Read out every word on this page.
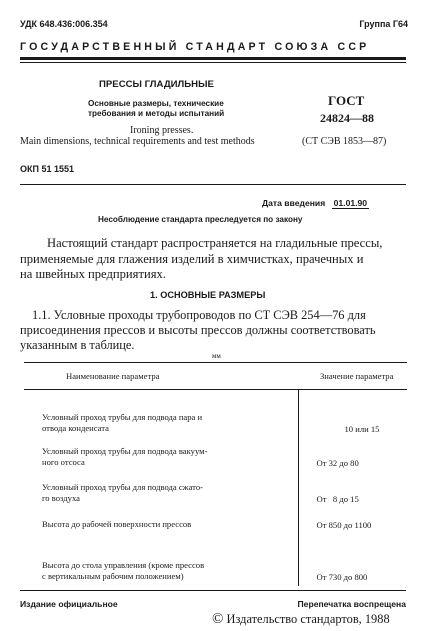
УДК 648.436:006.354	Группа Г64
ГОСУДАРСТВЕННЫЙ СТАНДАРТ СОЮЗА ССР
ПРЕССЫ ГЛАДИЛЬНЫЕ
Основные размеры, технические
требования и методы испытаний
Ironing presses.
Main dimensions, technical requirements and test methods
ГОСТ
24824—88
(СТ СЭВ 1853—87)
ОКП 51 1551
Дата введения 01.01.90
Несоблюдение стандарта преследуется по закону
Настоящий стандарт распространяется на гладильные прессы,
применяемые для глажения изделий в химчистках, прачечных и
на швейных предприятиях.
1. ОСНОВНЫЕ РАЗМЕРЫ
1.1. Условные проходы трубопроводов по СТ СЭВ 254—76 для
присоединения прессов и высоты прессов должны соответствовать
указанным в таблице.
мм
Наименование параметра	Значение параметра

Условный проход трубы для подвода пара и
отвода конденсата	10 или 15

Условный проход трубы для подвода вакуум-
ного отсоса	От 32 до 80

Условный проход трубы для подвода сжато-
го воздуха	От   8 до 15

Высота до рабочей поверхности прессов	От 850 до 1100

Высота до стола управления (кроме прессов
с вертикальным рабочим положением)	От 730 до 800
Издание официальное	Перепечатка воспрещена
© Издательство стандартов, 1988
